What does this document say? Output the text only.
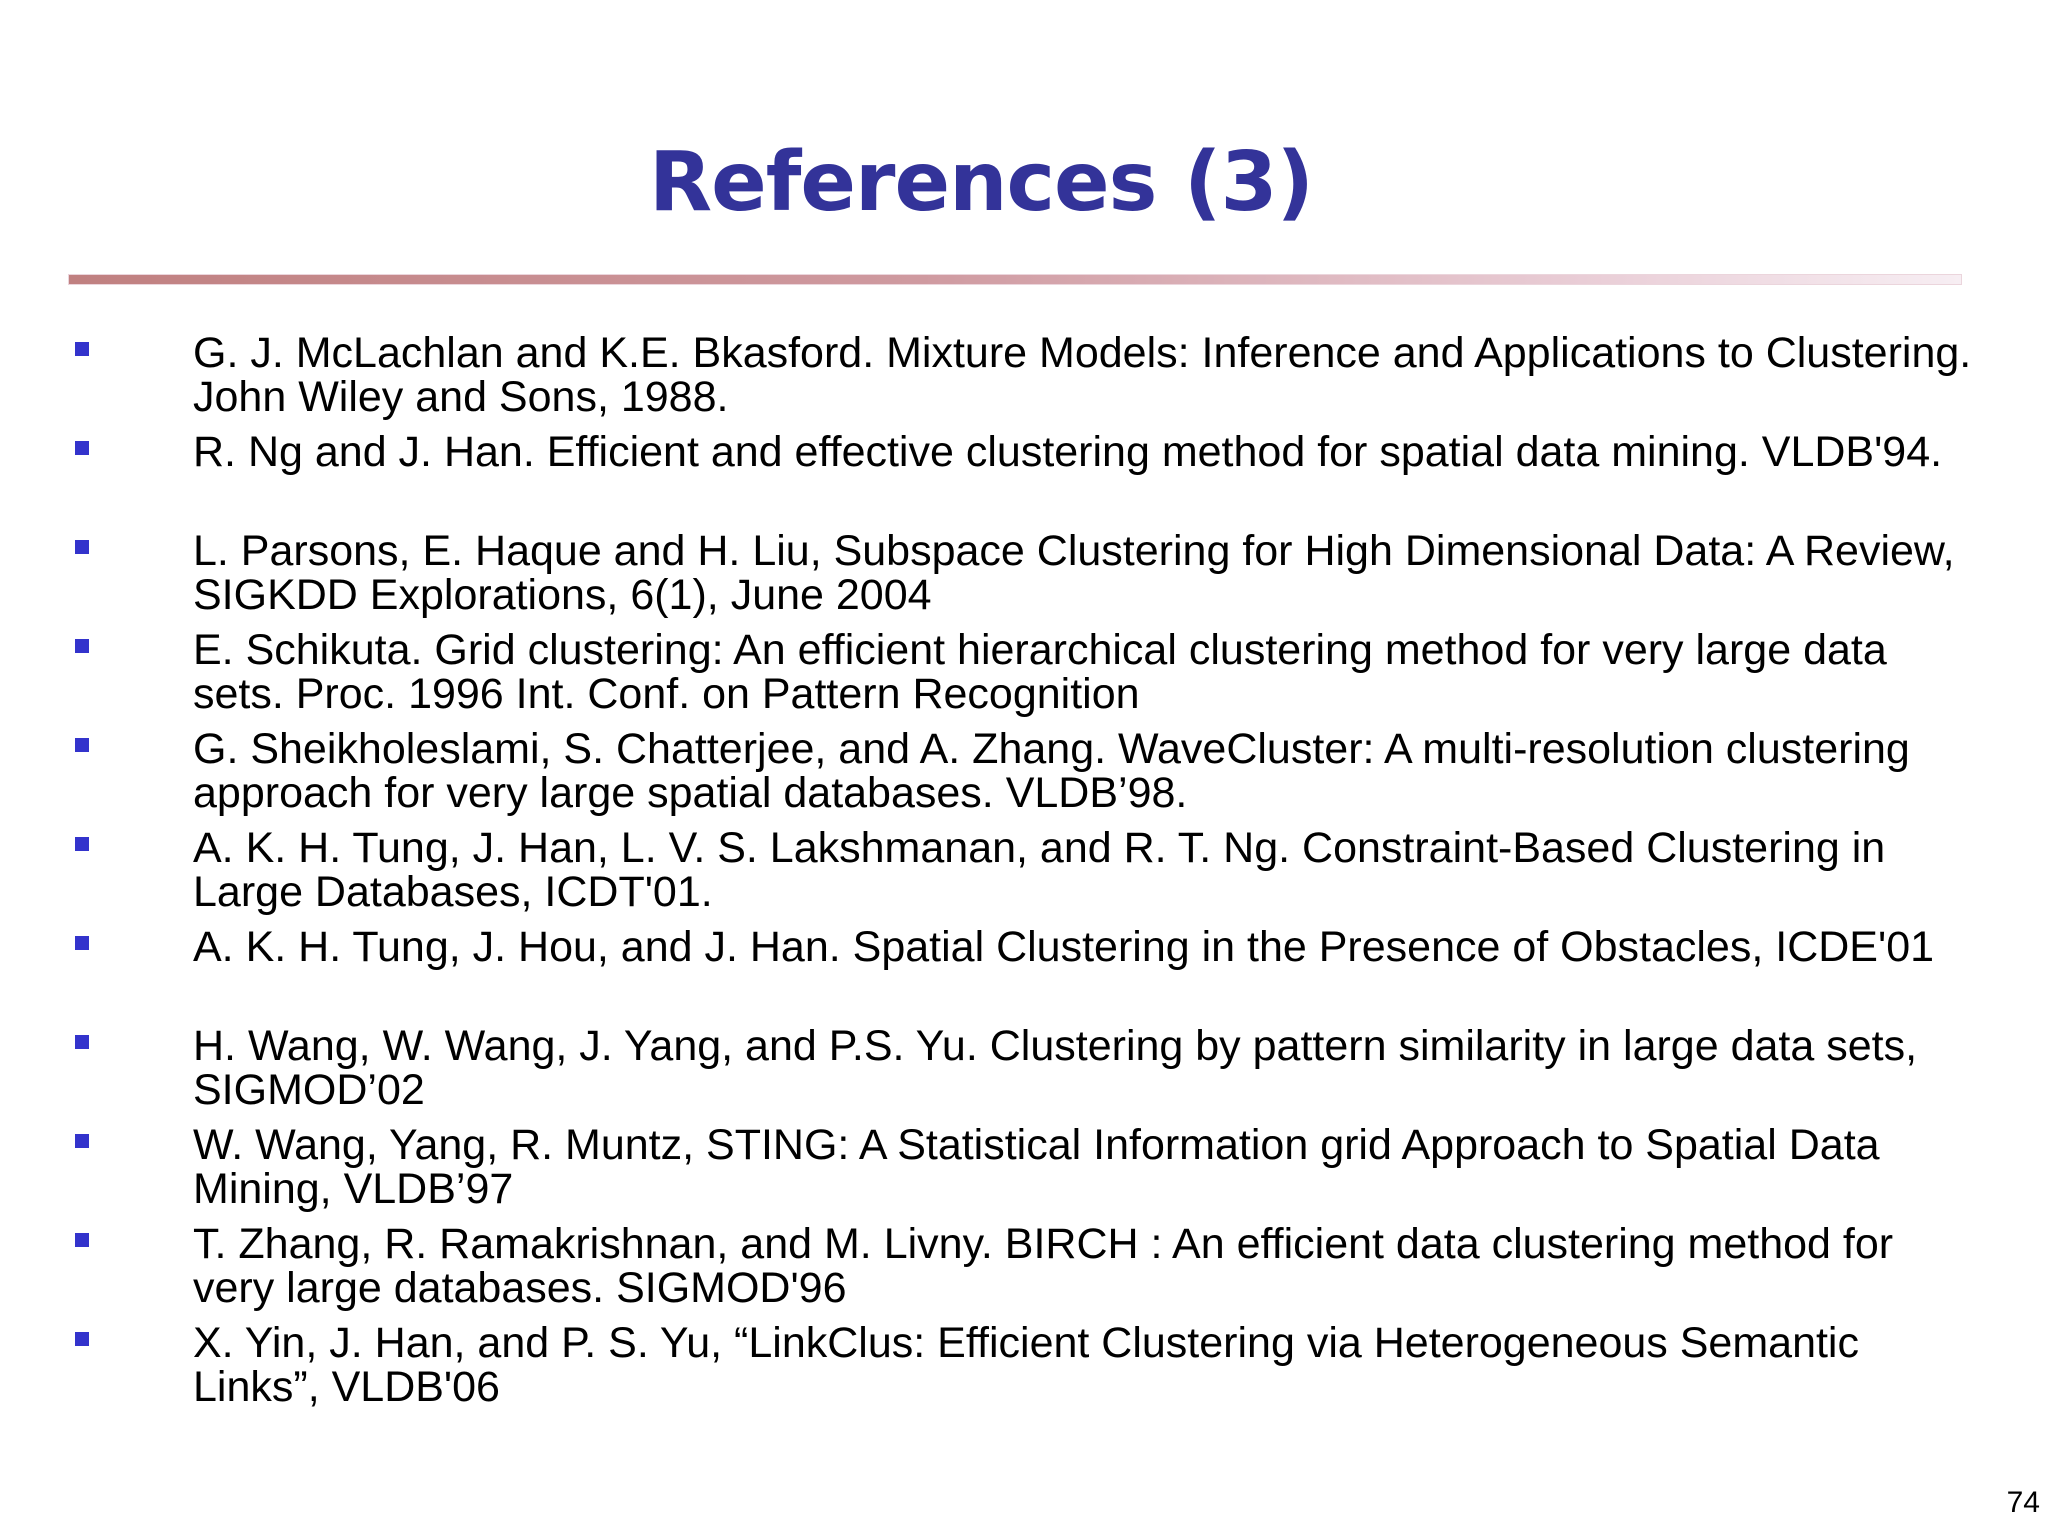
References (3)

G. J. McLachlan and K.E. Bkasford. Mixture Models: Inference and Applications to Clustering. John Wiley and Sons, 1988.

R. Ng and J. Han. Efficient and effective clustering method for spatial data mining. VLDB'94.

L. Parsons, E. Haque and H. Liu, Subspace Clustering for High Dimensional Data: A Review, SIGKDD Explorations, 6(1), June 2004

E. Schikuta. Grid clustering: An efficient hierarchical clustering method for very large data sets. Proc. 1996 Int. Conf. on Pattern Recognition

G. Sheikholeslami, S. Chatterjee, and A. Zhang. WaveCluster: A multi-resolution clustering approach for very large spatial databases. VLDB’98.

A. K. H. Tung, J. Han, L. V. S. Lakshmanan, and R. T. Ng. Constraint-Based Clustering in Large Databases, ICDT'01.

A. K. H. Tung, J. Hou, and J. Han. Spatial Clustering in the Presence of Obstacles, ICDE'01

H. Wang, W. Wang, J. Yang, and P.S. Yu. Clustering by pattern similarity in large data sets, SIGMOD’02

W. Wang, Yang, R. Muntz, STING: A Statistical Information grid Approach to Spatial Data Mining, VLDB’97

T. Zhang, R. Ramakrishnan, and M. Livny. BIRCH : An efficient data clustering method for very large databases. SIGMOD'96

X. Yin, J. Han, and P. S. Yu, “LinkClus: Efficient Clustering via Heterogeneous Semantic Links”, VLDB'06

74
